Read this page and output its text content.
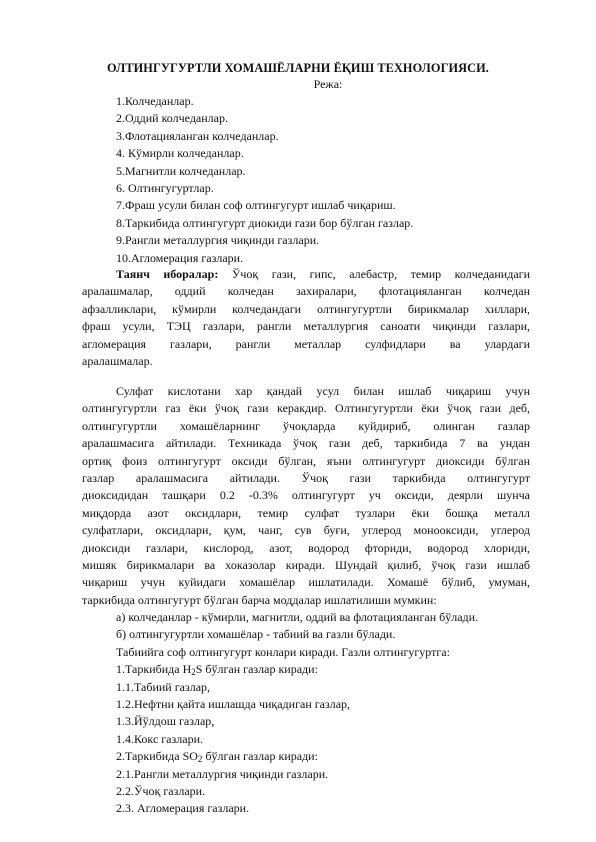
ОЛТИНГУГУРТЛИ ХОМАШЁЛАРНИ ЁҚИШ ТЕХНОЛОГИЯСИ.
Режа:
1.Колчеданлар.
2.Оддий колчеданлар.
3.Флотацияланган колчеданлар.
4. Кўмирли колчеданлар.
5.Магнитли колчеданлар.
6. Олтингугуртлар.
7.Фраш усули билан соф олтингугурт ишлаб чиқариш.
8.Таркибида олтингугурт диокиди гази бор бўлган газлар.
9.Рангли металлургия чиқинди газлари.
10.Агломерация газлари.
Таянч иборалар: Ўчоқ гази, гипс, алебастр, темир колчеданидаги
аралашмалар, оддий колчедан захиралари, флотацияланган колчедан
афзалликлари, кўмирли колчедандаги олтингугуртли бирикмалар хиллари,
фраш усули, ТЭЦ газлари, рангли металлургия саноати чиқинди газлари,
агломерация газлари, рангли металлар сулфидлари ва улардаги
аралашмалар.
Сулфат кислотани хар қандай усул билан ишлаб чиқариш учун
олтингугуртли газ ёки ўчоқ гази керакдир. Олтингугуртли ёки ўчоқ гази деб,
олтингугуртли хомашёларнинг ўчоқларда куйдириб, олинган газлар
аралашмасига айтилади. Техникада ўчоқ гази деб, таркибида 7 ва ундан
ортиқ фоиз олтингугурт оксиди бўлган, яъни олтингугурт диоксиди бўлган
газлар аралашмасига айтилади. Ўчоқ гази таркибида олтингугурт
диоксидидан ташқари 0.2 -0.3% олтингугурт уч оксиди, деярли шунча
миқдорда азот оксидлари, темир сулфат тузлари ёки бошқа металл
сулфатлари, оксидлари, қум, чанг, сув буғи, углерод монооксиди, углерод
диоксиди газлари, кислород, азот, водород фториди, водород хлориди,
мишяк бирикмалари ва хоказолар киради. Шундай қилиб, ўчоқ гази ишлаб
чиқариш учун куйидаги хомашёлар ишлатилади. Хомашё бўлиб, умуман,
таркибида олтингугурт бўлган барча моддалар ишлатилиши мумкин:
а) колчеданлар - кўмирли, магнитли, оддий ва флотацияланган бўлади.
б) олтингугуртли хомашёлар - табиий ва газли бўлади.
Табиийга соф олтингугурт конлари киради. Газли олтингугуртга:
1.Таркибида $H_2S$ бўлган газлар киради:
1.1.Табиий газлар,
1.2.Нефтни қайта ишлашда чиқадиган газлар,
1.3.Йўлдош газлар,
1.4.Кокс газлари.
2.Таркибида $SO_2$ бўлган газлар киради:
2.1.Рангли металлургия чиқинди газлари.
2.2.Ўчоқ газлари.
2.3. Агломерация газлари.
